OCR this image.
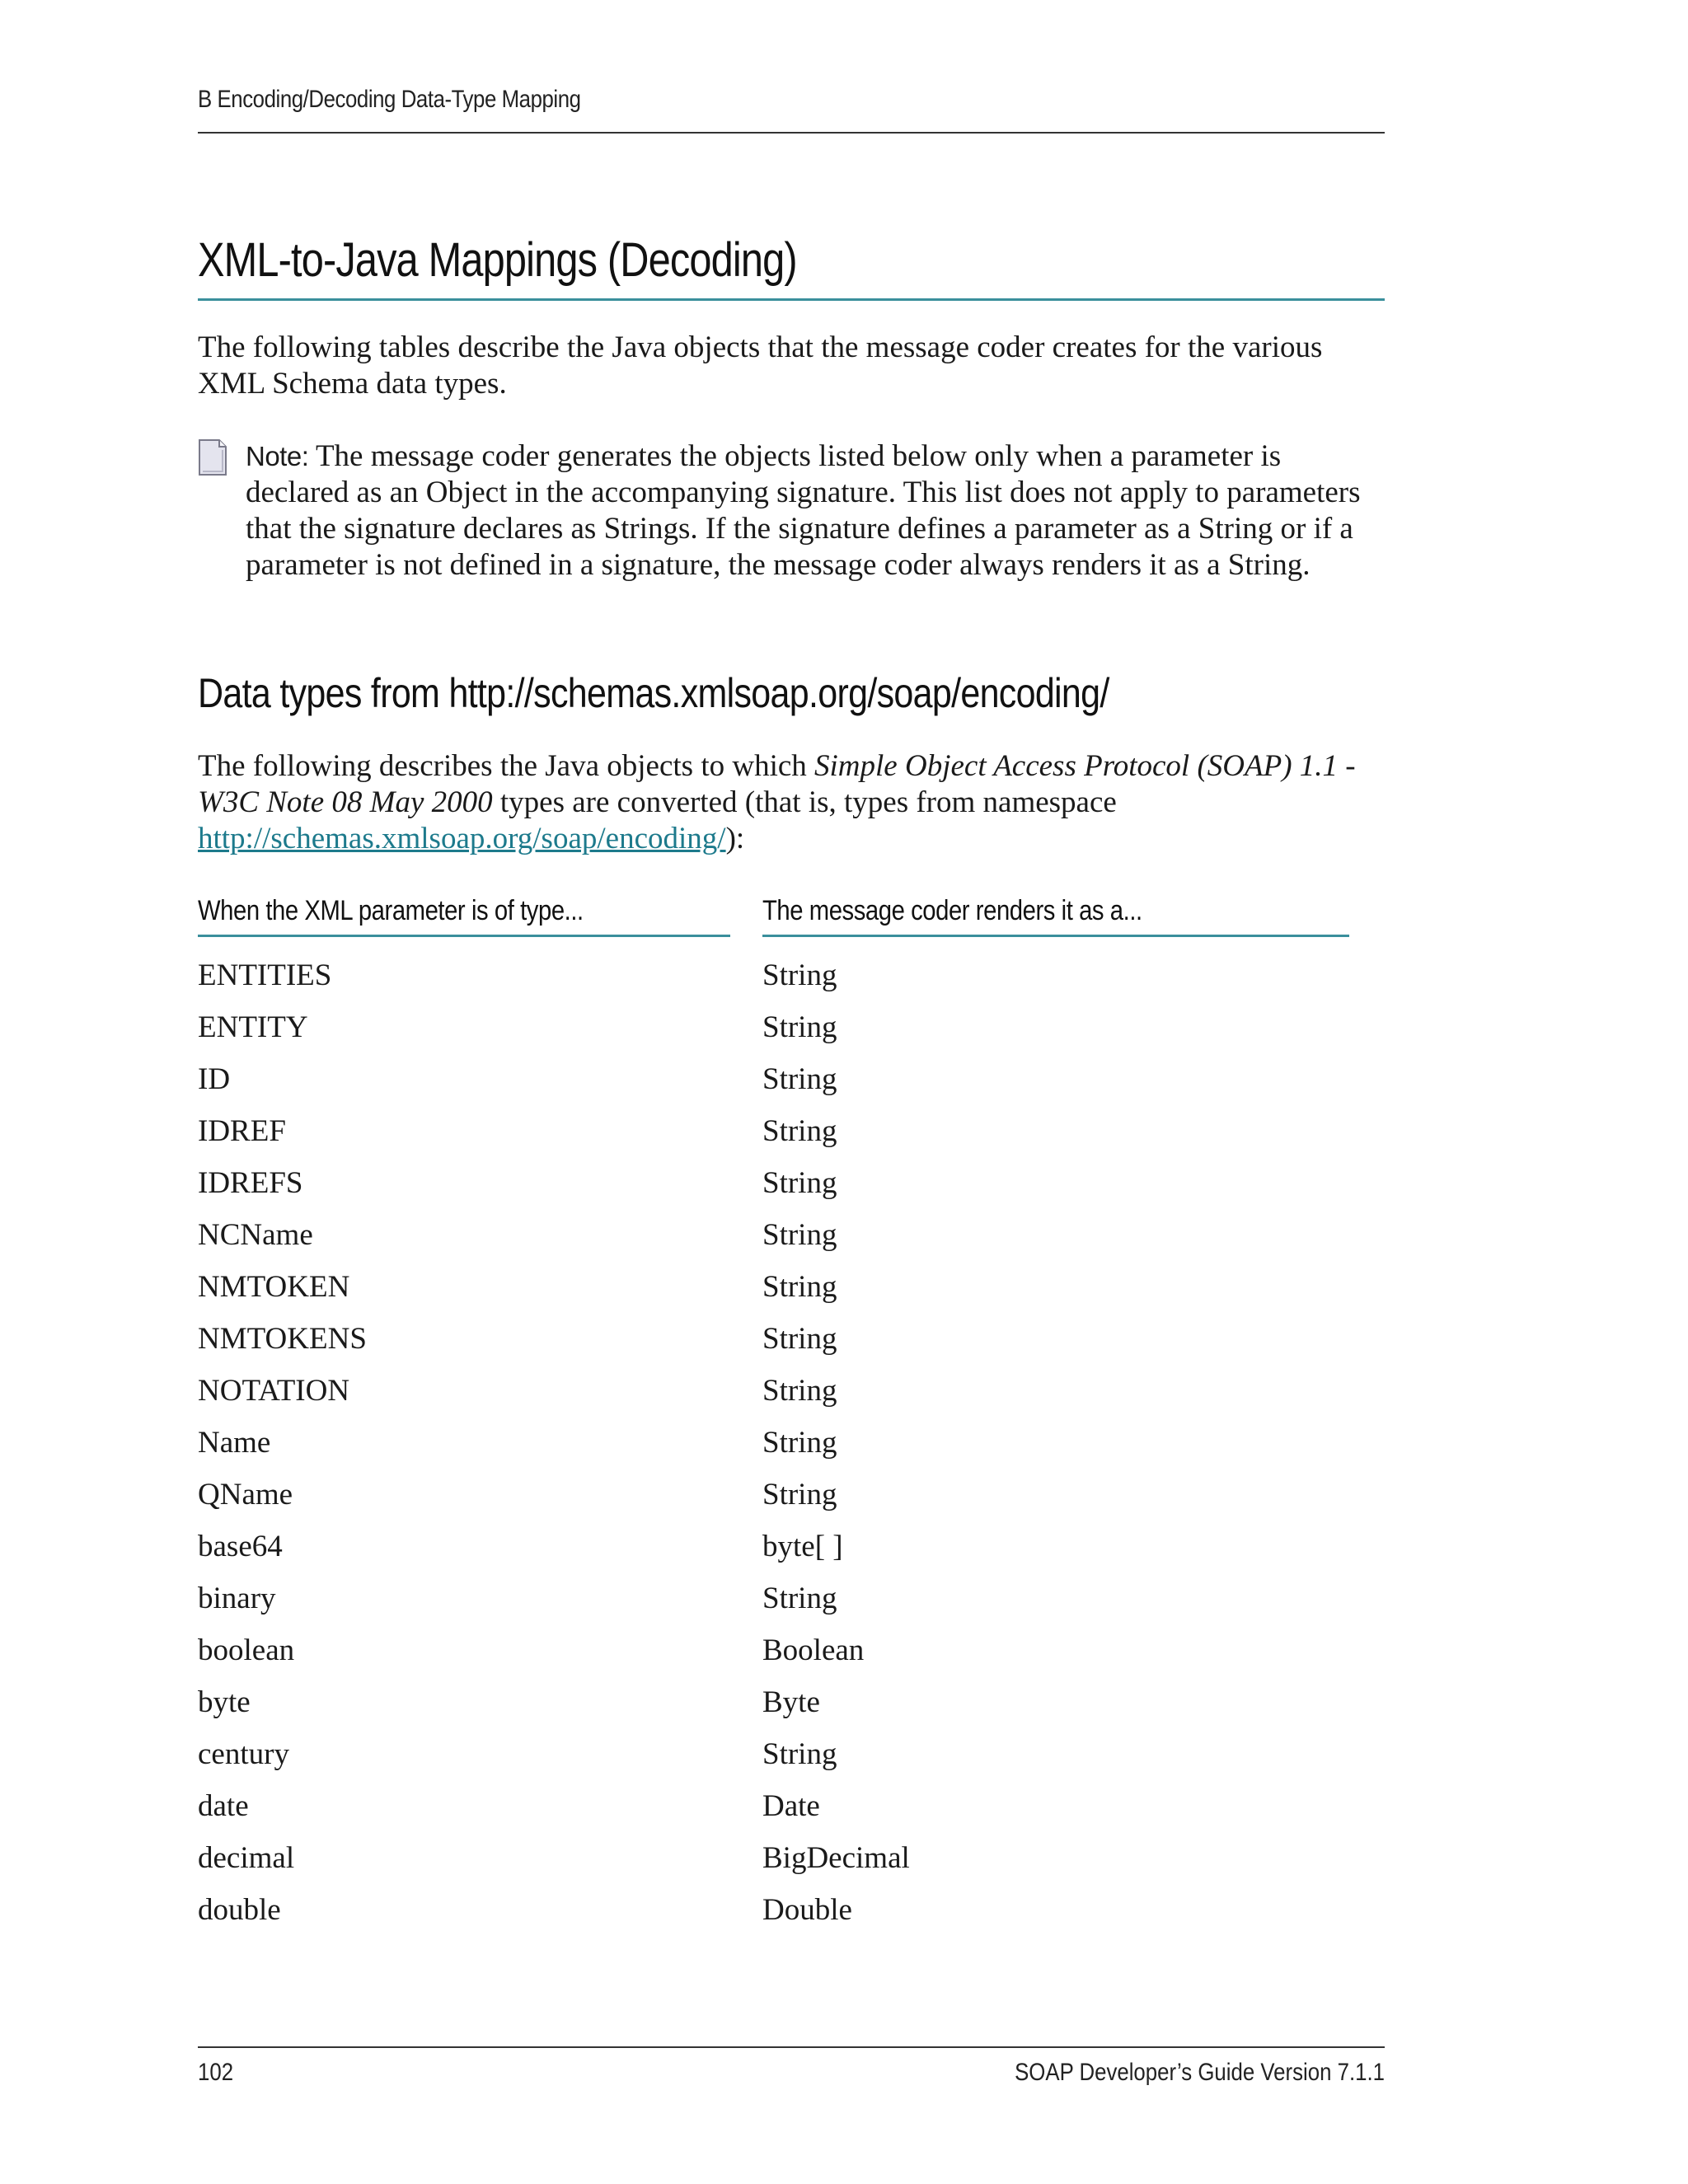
B Encoding/Decoding Data-Type Mapping
XML-to-Java Mappings (Decoding)
The following tables describe the Java objects that the message coder creates for the various XML Schema data types.
Note: The message coder generates the objects listed below only when a parameter is declared as an Object in the accompanying signature. This list does not apply to parameters that the signature declares as Strings. If the signature defines a parameter as a String or if a parameter is not defined in a signature, the message coder always renders it as a String.
Data types from http://schemas.xmlsoap.org/soap/encoding/
The following describes the Java objects to which Simple Object Access Protocol (SOAP) 1.1 - W3C Note 08 May 2000 types are converted (that is, types from namespace http://schemas.xmlsoap.org/soap/encoding/):
When the XML parameter is of type...	The message coder renders it as a...
ENTITIES	String
ENTITY	String
ID	String
IDREF	String
IDREFS	String
NCName	String
NMTOKEN	String
NMTOKENS	String
NOTATION	String
Name	String
QName	String
base64	byte[ ]
binary	String
boolean	Boolean
byte	Byte
century	String
date	Date
decimal	BigDecimal
double	Double
102	SOAP Developer’s Guide Version 7.1.1
